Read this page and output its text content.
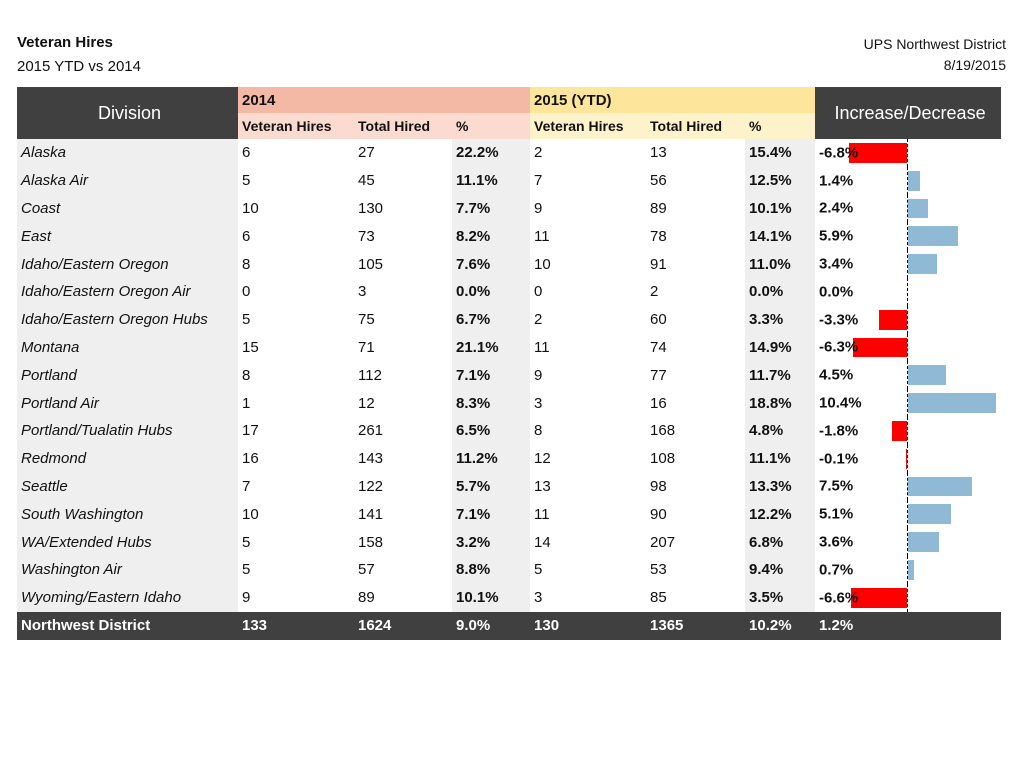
Veteran Hires
2015 YTD vs 2014
UPS Northwest District
8/19/2015
Division	2014			2015 (YTD)			Increase/Decrease
	Veteran Hires	Total Hired	%	Veteran Hires	Total Hired	%	
Alaska	6	27	22.2%	2	13	15.4%	-6.8%

Alaska Air	5	45	11.1%	7	56	12.5%	1.4%

Coast	10	130	7.7%	9	89	10.1%	2.4%

East	6	73	8.2%	11	78	14.1%	5.9%

Idaho/Eastern Oregon	8	105	7.6%	10	91	11.0%	3.4%

Idaho/Eastern Oregon Air	0	3	0.0%	0	2	0.0%	0.0%

Idaho/Eastern Oregon Hubs	5	75	6.7%	2	60	3.3%	-3.3%

Montana	15	71	21.1%	11	74	14.9%	-6.3%

Portland	8	112	7.1%	9	77	11.7%	4.5%

Portland Air	1	12	8.3%	3	16	18.8%	10.4%

Portland/Tualatin Hubs	17	261	6.5%	8	168	4.8%	-1.8%

Redmond	16	143	11.2%	12	108	11.1%	-0.1%

Seattle	7	122	5.7%	13	98	13.3%	7.5%

South Washington	10	141	7.1%	11	90	12.2%	5.1%

WA/Extended Hubs	5	158	3.2%	14	207	6.8%	3.6%

Washington Air	5	57	8.8%	5	53	9.4%	0.7%

Wyoming/Eastern Idaho	9	89	10.1%	3	85	3.5%	-6.6%

Northwest District	133	1624	9.0%	130	1365	10.2%	1.2%
